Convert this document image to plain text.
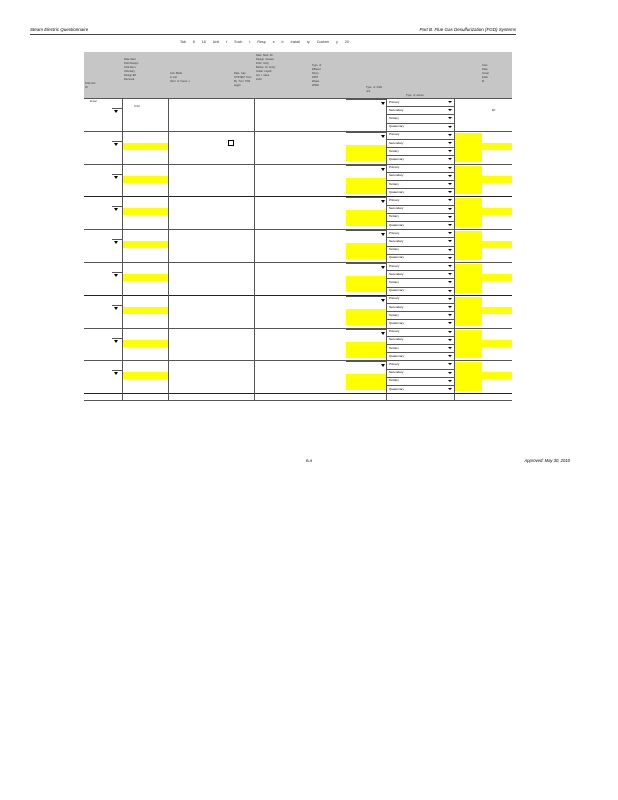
Steam Electric Questionnaire	Part B. Flue Gas Desulfurization (FGD) Systems
Tab 8 18 Unit t Such t Resp s b Install ty Custom y 20
FGD unit
ID
Date Start
FGD Design
SO2 Rem-
Voluntary
Design Eff
Removal
Unit  Build
in unit
(Sort  of  hours  u
Date  Cap
SYSTEM  Tons
By  Turn  TDS
aught
Date  Start  Rt
Design  Assess
FGD  Unity
Before  Or  Entry
Outlet  Liquid
Act  t  rates
sorbt
Type  of
Effluent
Slurry
DPM
Waste
WWD
Type  of  FGD
unit
Type  of  Action
Cost
Data
Invest
Dolls
M
Enter
0.02
$0
Primary
Secondary
Tertiary
Quaternary
Primary
Secondary
Tertiary
Quaternary
Primary
Secondary
Tertiary
Quaternary
Primary
Secondary
Tertiary
Quaternary
Primary
Secondary
Tertiary
Quaternary
Primary
Secondary
Tertiary
Quaternary
Primary
Secondary
Tertiary
Quaternary
Primary
Secondary
Tertiary
Quaternary
Primary
Secondary
Tertiary
Quaternary
B-9	Approved: May 30, 2010
